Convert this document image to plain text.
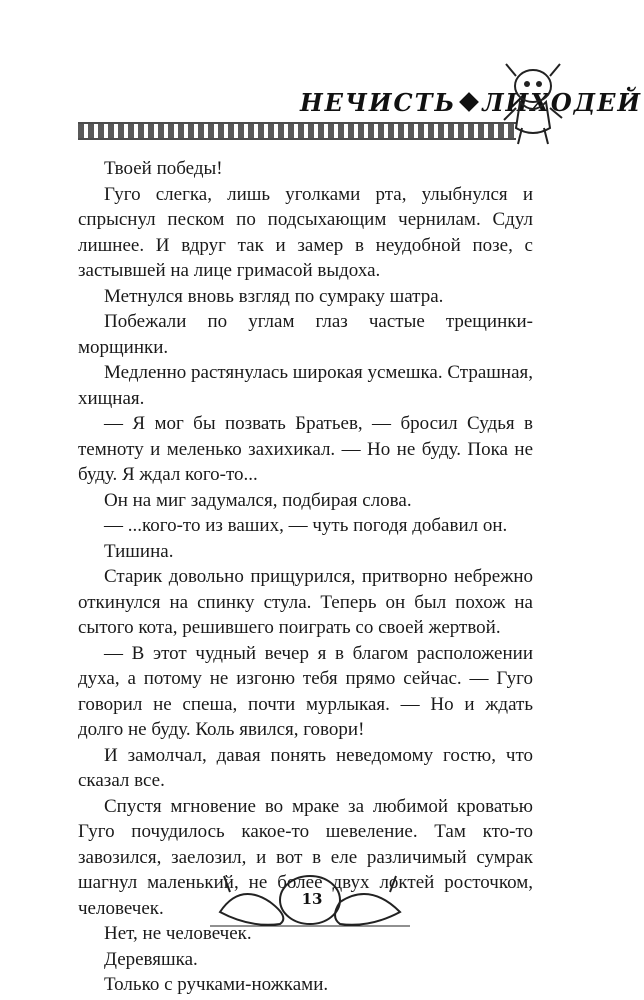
НЕЧИСТЬ ЛИХОДЕЙ

Твоей победы!

Гуго слегка, лишь уголками рта, улыбнулся и спрыснул песком по подсыхающим чернилам. Сдул лишнее. И вдруг так и замер в неудобной позе, с застывшей на лице гримасой выдоха.

Метнулся вновь взгляд по сумраку шатра.

Побежали по углам глаз частые трещинки-морщинки.

Медленно растянулась широкая усмешка. Страшная, хищная.

— Я мог бы позвать Братьев, — бросил Судья в темноту и меленько захихикал. — Но не буду. Пока не буду. Я ждал кого-то...

Он на миг задумался, подбирая слова.

— ...кого-то из ваших, — чуть погодя добавил он.

Тишина.

Старик довольно прищурился, притворно небрежно откинулся на спинку стула. Теперь он был похож на сытого кота, решившего поиграть со своей жертвой.

— В этот чудный вечер я в благом расположении духа, а потому не изгоню тебя прямо сейчас. — Гуго говорил не спеша, почти мурлыкая. — Но и ждать долго не буду. Коль явился, говори!

И замолчал, давая понять неведомому гостю, что сказал все.

Спустя мгновение во мраке за любимой кроватью Гуго почудилось какое-то шевеление. Там кто-то завозился, заелозил, и вот в еле различимый сумрак шагнул маленький, не более двух локтей росточком, человечек.

Нет, не человечек.

Деревяшка.

Только с ручками-ножками.

13
